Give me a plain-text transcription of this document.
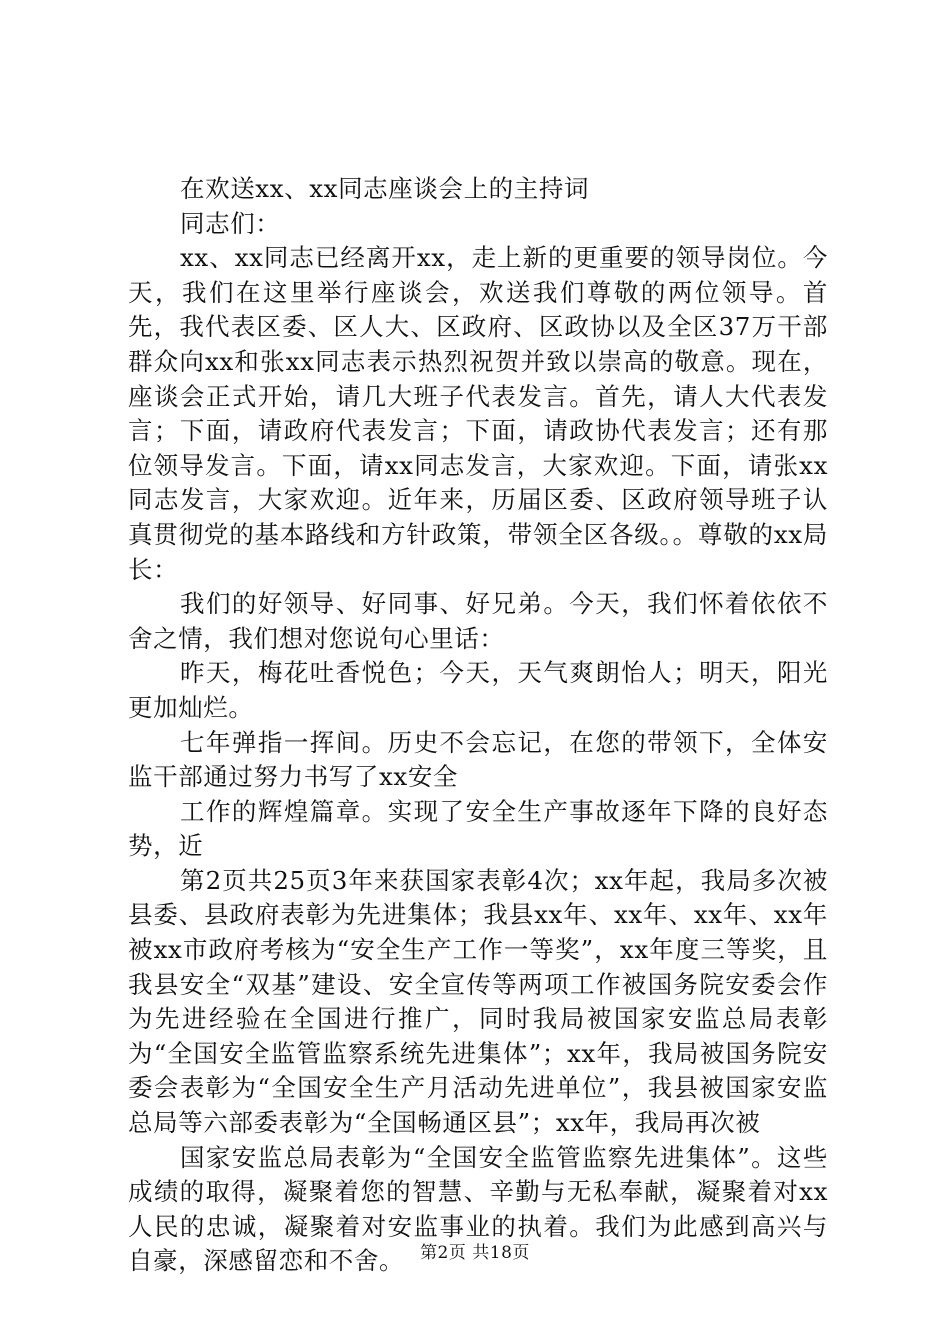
在欢送xx、xx同志座谈会上的主持词

同志们：

xx、xx同志已经离开xx，走上新的更重要的领导岗位。今天，我们在这里举行座谈会，欢送我们尊敬的两位领导。首先，我代表区委、区人大、区政府、区政协以及全区37万干部群众向xx和张xx同志表示热烈祝贺并致以崇高的敬意。现在，座谈会正式开始，请几大班子代表发言。首先，请人大代表发言；下面，请政府代表发言；下面，请政协代表发言；还有那位领导发言。下面，请xx同志发言，大家欢迎。下面，请张xx同志发言，大家欢迎。近年来，历届区委、区政府领导班子认真贯彻党的基本路线和方针政策，带领全区各级。。尊敬的xx局长：

我们的好领导、好同事、好兄弟。今天，我们怀着依依不舍之情，我们想对您说句心里话：

昨天，梅花吐香悦色；今天，天气爽朗怡人；明天，阳光更加灿烂。

七年弹指一挥间。历史不会忘记，在您的带领下，全体安监干部通过努力书写了xx安全

工作的辉煌篇章。实现了安全生产事故逐年下降的良好态势，近

第2页共25页3年来获国家表彰4次；xx年起，我局多次被县委、县政府表彰为先进集体；我县xx年、xx年、xx年、xx年被xx市政府考核为“安全生产工作一等奖”，xx年度三等奖，且我县安全“双基”建设、安全宣传等两项工作被国务院安委会作为先进经验在全国进行推广，同时我局被国家安监总局表彰为“全国安全监管监察系统先进集体”；xx年，我局被国务院安委会表彰为“全国安全生产月活动先进单位”，我县被国家安监总局等六部委表彰为“全国畅通区县”；xx年，我局再次被

国家安监总局表彰为“全国安全监管监察先进集体”。这些成绩的取得，凝聚着您的智慧、辛勤与无私奉献，凝聚着对xx人民的忠诚，凝聚着对安监事业的执着。我们为此感到高兴与自豪，深感留恋和不舍。 第2页 共18页
